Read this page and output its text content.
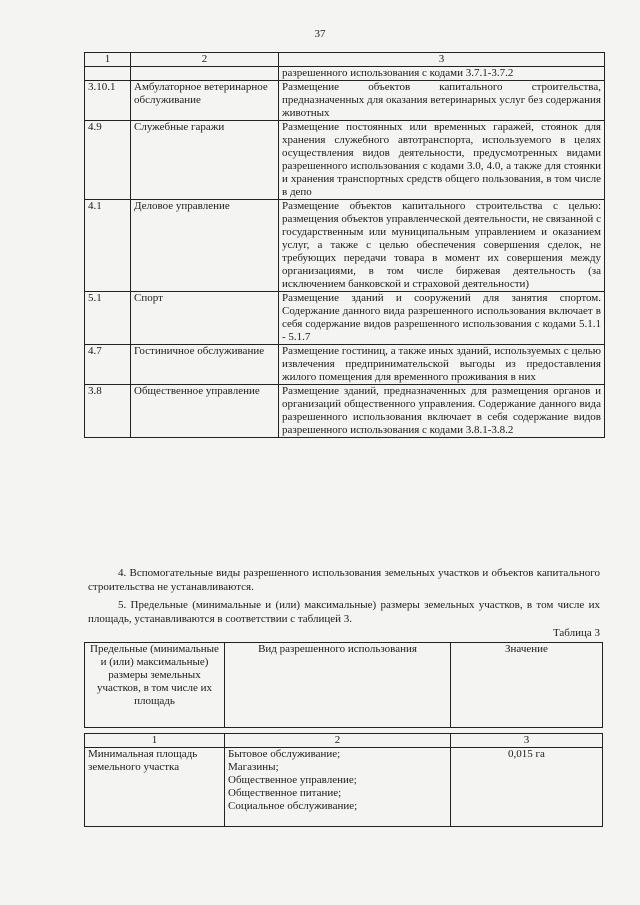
37
1	2	3
		разрешенного использования с кодами 3.7.1-3.7.2
3.10.1	Амбулаторное ветеринарное обслуживание	Размещение объектов капитального строительства, предназначенных для оказания ветеринарных услуг без содержания животных
4.9	Служебные гаражи	Размещение постоянных или временных гаражей, стоянок для хранения служебного автотранспорта, используемого в целях осуществления видов деятельности, предусмотренных видами разрешенного использования с кодами 3.0, 4.0, а также для стоянки и хранения транспортных средств общего пользования, в том числе в депо
4.1	Деловое управление	Размещение объектов капитального строительства с целью: размещения объектов управленческой деятельности, не связанной с государственным или муниципальным управлением и оказанием услуг, а также с целью обеспечения совершения сделок, не требующих передачи товара в момент их совершения между организациями, в том числе биржевая деятельность (за исключением банковской и страховой деятельности)
5.1	Спорт	Размещение зданий и сооружений для занятия спортом. Содержание данного вида разрешенного использования включает в себя содержание видов разрешенного использования с кодами 5.1.1 - 5.1.7
4.7	Гостиничное обслуживание	Размещение гостиниц, а также иных зданий, используемых с целью извлечения предпринимательской выгоды из предоставления жилого помещения для временного проживания в них
3.8	Общественное управление	Размещение зданий, предназначенных для размещения органов и организаций общественного управления. Содержание данного вида разрешенного использования включает в себя содержание видов разрешенного использования с кодами 3.8.1-3.8.2
4. Вспомогательные виды разрешенного использования земельных участков и объектов капитального строительства не устанавливаются.
5. Предельные (минимальные и (или) максимальные) размеры земельных участков, в том числе их площадь, устанавливаются в соответствии с таблицей 3.
Таблица 3
Предельные (минимальные и (или) максимальные) размеры земельных участков, в том числе их площадь	Вид разрешенного использования	Значение
1	2	3
Минимальная площадь земельного участка	Бытовое обслуживание;
Магазины;
Общественное управление;
Общественное питание;
Социальное обслуживание;	0,015 га
